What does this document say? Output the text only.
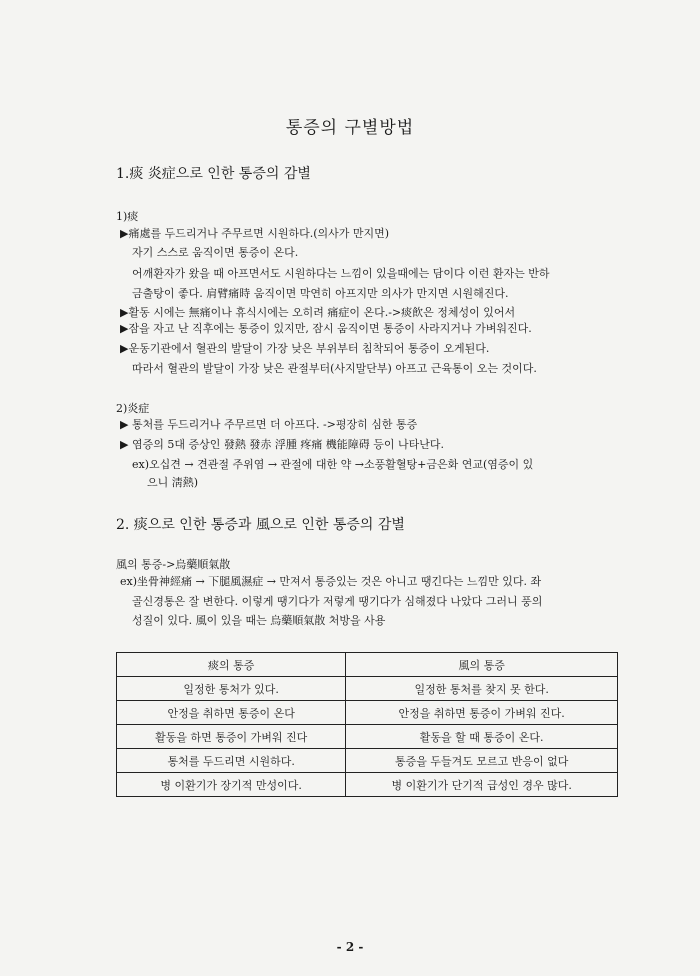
통증의 구별방법
1.痰 炎症으로 인한 통증의 감별
1)痰
▶痛處를 두드리거나 주무르면 시원하다.(의사가 만지면)
자기 스스로 움직이면 통증이 온다.
어깨환자가 왔을 때 아프면서도 시원하다는 느낌이 있을때에는 담이다 이런 환자는 반하
금출탕이 좋다. 肩臂痛時 움직이면 막연히 아프지만 의사가 만지면 시원해진다.
▶활동 시에는 無痛이나 휴식시에는 오히려 痛症이 온다.->痰飮은 정체성이 있어서
▶잠을 자고 난 직후에는 통증이 있지만, 잠시 움직이면 통증이 사라지거나 가벼워진다.
▶운동기관에서 혈관의 발달이 가장 낮은 부위부터 침착되어 통증이 오게된다.
따라서 혈관의 발달이 가장 낮은 관절부터(사지말단부) 아프고 근육통이 오는 것이다.
2)炎症
▶ 통처를 두드리거나 주무르면 더 아프다. ->평장히 심한 통증
▶ 염증의 5대 증상인 發熱 發赤 浮腫 疼痛 機能障碍 등이 나타난다.
ex)오십견 → 견관절 주위염 → 관절에 대한 약 →소풍활혈탕+금은화 연교(염증이 있
으니 淸熱)
2. 痰으로 인한 통증과 風으로 인한 통증의 감별
風의 통증->烏藥順氣散
ex)坐骨神經痛 → 下腿風濕症 → 만져서 통증있는 것은 아니고 땡긴다는 느낌만 있다. 좌
골신경통은 잘 변한다. 이렇게 땡기다가 저렇게 땡기다가 심해졌다 나았다 그러니 풍의
성질이 있다. 風이 있을 때는 烏藥順氣散 처방을 사용
痰의 통증	風의 통증
일정한 통처가 있다.	일정한 통처를 찾지 못 한다.
안정을 취하면 통증이 온다	안정을 취하면 통증이 가벼워 진다.
활동을 하면 통증이 가벼워 진다	활동을 할 때 통증이 온다.
통처를 두드리면 시원하다.	통증을 두들겨도 모르고 반응이 없다
병 이환기가 장기적 만성이다.	병 이환기가 단기적 급성인 경우 많다.
- 2 -
